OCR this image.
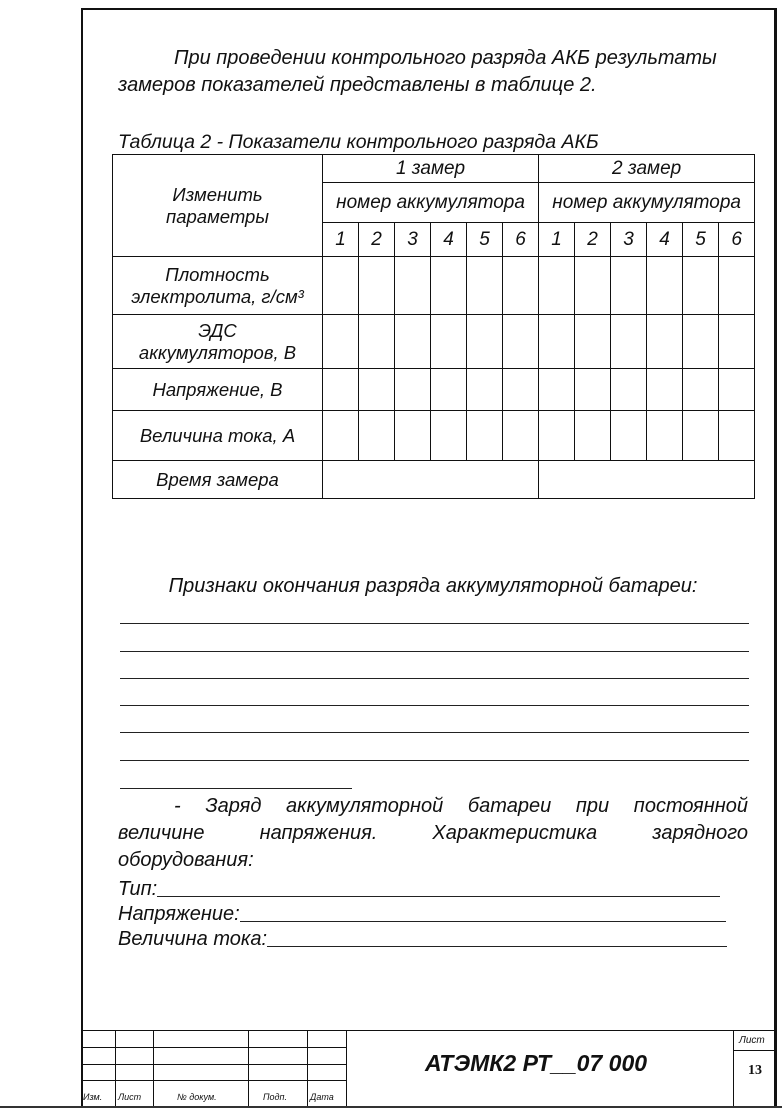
При проведении контрольного разряда АКБ результаты замеров показателей представлены в таблице 2.
Таблица 2 - Показатели контрольного разряда АКБ
Изменить параметры	1 замер						2 замер					
	номер аккумулятора						номер аккумулятора					
	1	2	3	4	5	6	1	2	3	4	5	6
Плотность электролита, г/см³												
ЭДС аккумуляторов, В												
Напряжение, В												
Величина тока, А												
Время замера												
Признаки окончания разряда аккумуляторной батареи:
- Заряд аккумуляторной батареи при постоянной
величине напряжения. Характеристика зарядного
оборудования:
Тип:
Напряжение:
Величина тока:
Изм. Лист	№ докум.	Подп.	Дата
АТЭМК2 РТ__07 000
Лист
13
